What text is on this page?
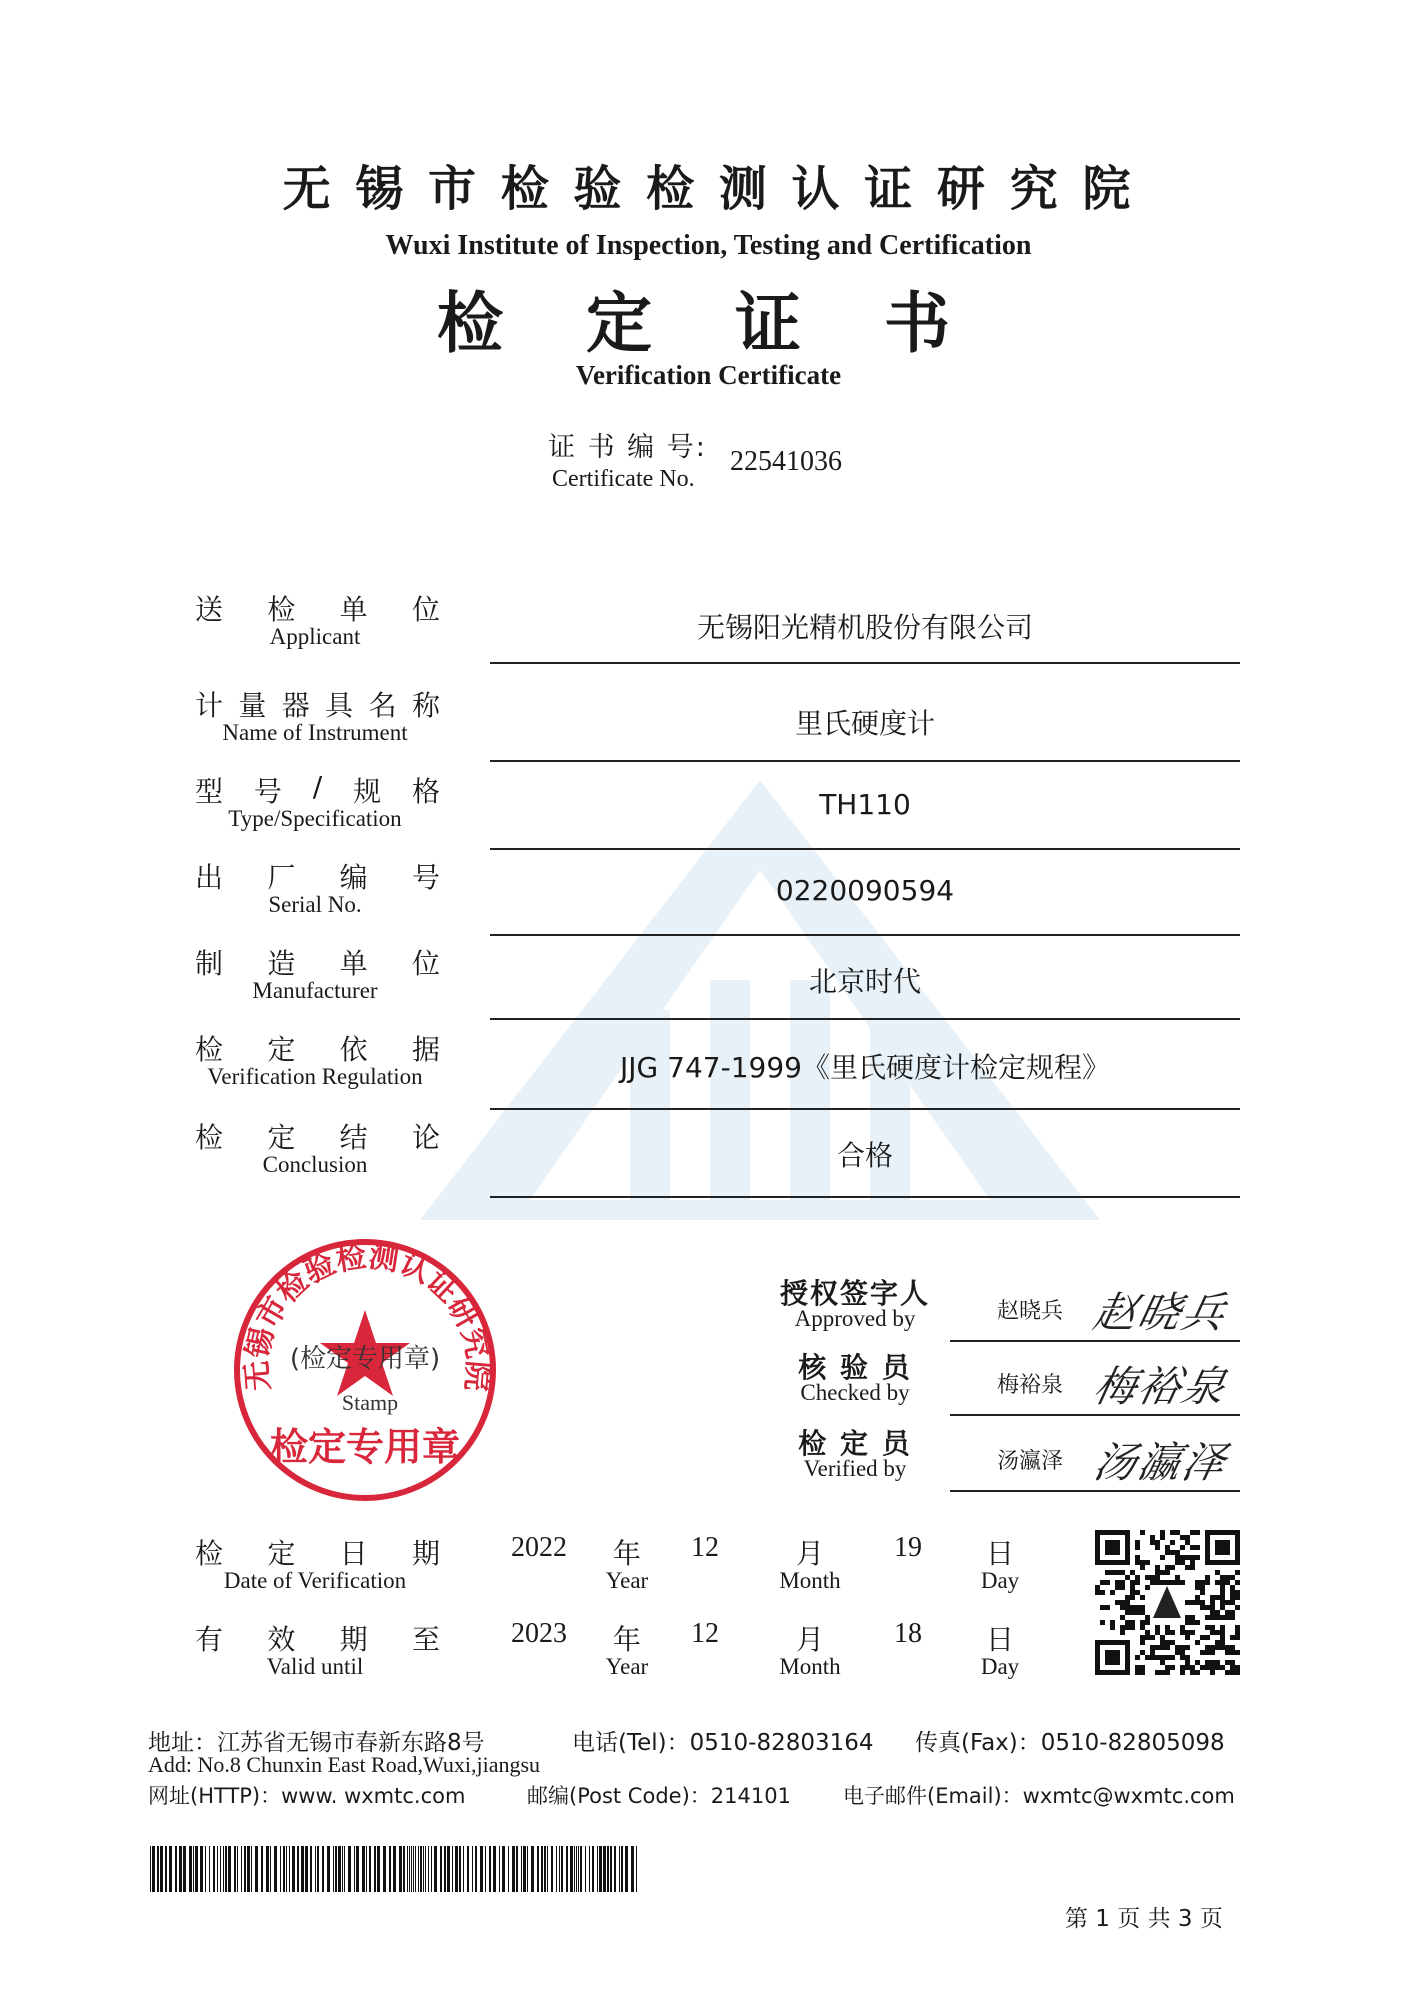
无 锡 市 检 验 检 测 认 证 研 究 院
Wuxi Institute of Inspection, Testing and Certification
检 定 证 书
Verification Certificate
证 书 编 号:
Certificate No.
22541036
送 检 单 位
Applicant	无锡阳光精机股份有限公司
计 量 器 具 名 称
Name of Instrument	里氏硬度计
型 号 / 规 格
Type/Specification	TH110
出 厂 编 号
Serial No.	0220090594
制 造 单 位
Manufacturer	北京时代
检 定 依 据
Verification Regulation	JJG 747-1999《里氏硬度计检定规程》
检 定 结 论
Conclusion	合格
无锡市检验检测认证研究院
(检定专用章)
Stamp
检定专用章
授权签字人
Approved by	赵晓兵 赵晓兵
核 验 员
Checked by	梅裕泉 梅裕泉
检 定 员
Verified by	汤瀛泽 汤瀛泽
检 定 日 期
Date of Verification
2022	年
Year
12	月
Month
19	日
Day
有 效 期 至
Valid until
2023	年
Year
12	月
Month
18	日
Day
地址：江苏省无锡市春新东路8号	电话(Tel)：0510-82803164 传真(Fax)：0510-82805098
Add: No.8 Chunxin East Road,Wuxi,jiangsu
网址(HTTP)：www. wxmtc.com	邮编(Post Code)：214101 电子邮件(Email)：wxmtc@wxmtc.com
第 1 页 共 3 页
